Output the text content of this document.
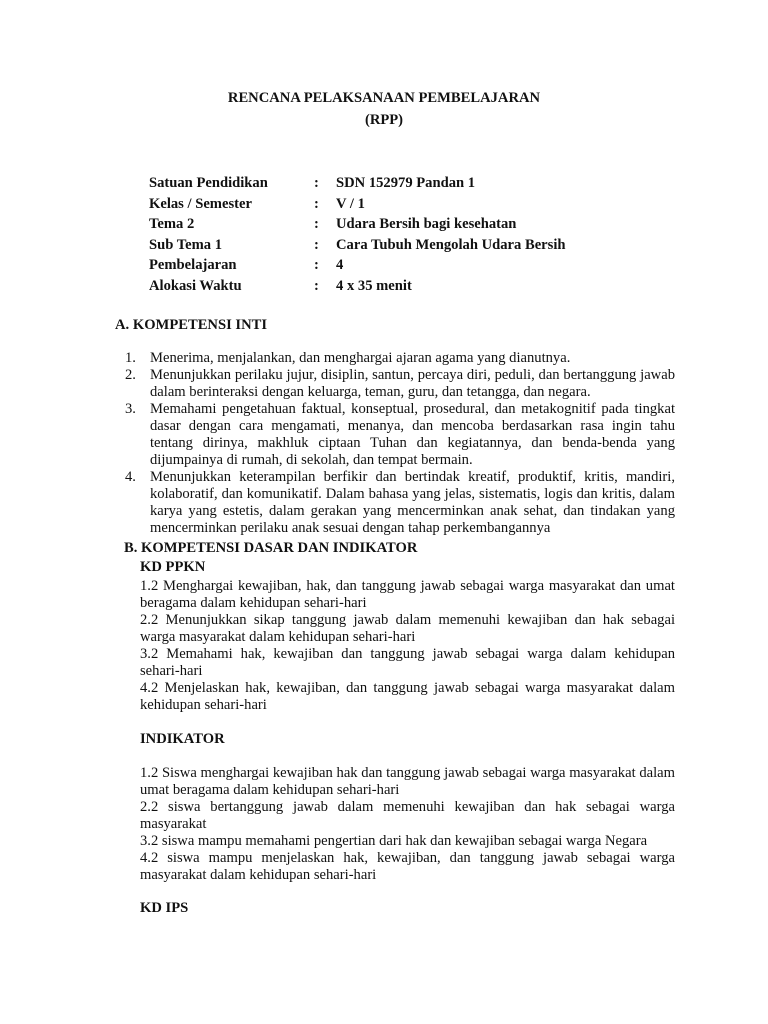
RENCANA PELAKSANAAN PEMBELAJARAN
(RPP)
Satuan Pendidikan	: SDN 152979 Pandan 1
Kelas / Semester	: V / 1
Tema 2	: Udara Bersih bagi kesehatan
Sub Tema 1	: Cara Tubuh Mengolah Udara Bersih
Pembelajaran	: 4
Alokasi Waktu	: 4 x 35 menit
A. KOMPETENSI INTI
1. Menerima, menjalankan, dan menghargai ajaran agama yang dianutnya.
2. Menunjukkan perilaku jujur, disiplin, santun, percaya diri, peduli, dan bertanggung jawab dalam berinteraksi dengan keluarga, teman, guru, dan tetangga, dan negara.
3. Memahami pengetahuan faktual, konseptual, prosedural, dan metakognitif pada tingkat dasar dengan cara mengamati, menanya, dan mencoba berdasarkan rasa ingin tahu tentang dirinya, makhluk ciptaan Tuhan dan kegiatannya, dan benda-benda yang dijumpainya di rumah, di sekolah, dan tempat bermain.
4. Menunjukkan keterampilan berfikir dan bertindak kreatif, produktif, kritis, mandiri, kolaboratif, dan komunikatif. Dalam bahasa yang jelas, sistematis, logis dan kritis, dalam karya yang estetis, dalam gerakan yang mencerminkan anak sehat, dan tindakan yang mencerminkan perilaku anak sesuai dengan tahap perkembangannya
B. KOMPETENSI DASAR DAN INDIKATOR
KD PPKN

1.2 Menghargai kewajiban, hak, dan tanggung jawab sebagai warga masyarakat dan umat beragama dalam kehidupan sehari-hari

2.2 Menunjukkan sikap tanggung jawab dalam memenuhi kewajiban dan hak sebagai warga masyarakat dalam kehidupan sehari-hari

3.2 Memahami hak, kewajiban dan tanggung jawab sebagai warga dalam kehidupan sehari-hari

4.2 Menjelaskan hak, kewajiban, dan tanggung jawab sebagai warga masyarakat dalam kehidupan sehari-hari

INDIKATOR

1.2 Siswa menghargai kewajiban hak dan tanggung jawab sebagai warga masyarakat dalam umat beragama dalam kehidupan sehari-hari

2.2 siswa bertanggung jawab dalam memenuhi kewajiban dan hak sebagai warga masyarakat

3.2 siswa mampu memahami pengertian dari hak dan kewajiban sebagai warga Negara

4.2 siswa mampu menjelaskan hak, kewajiban, dan tanggung jawab sebagai warga masyarakat dalam kehidupan sehari-hari

KD IPS
